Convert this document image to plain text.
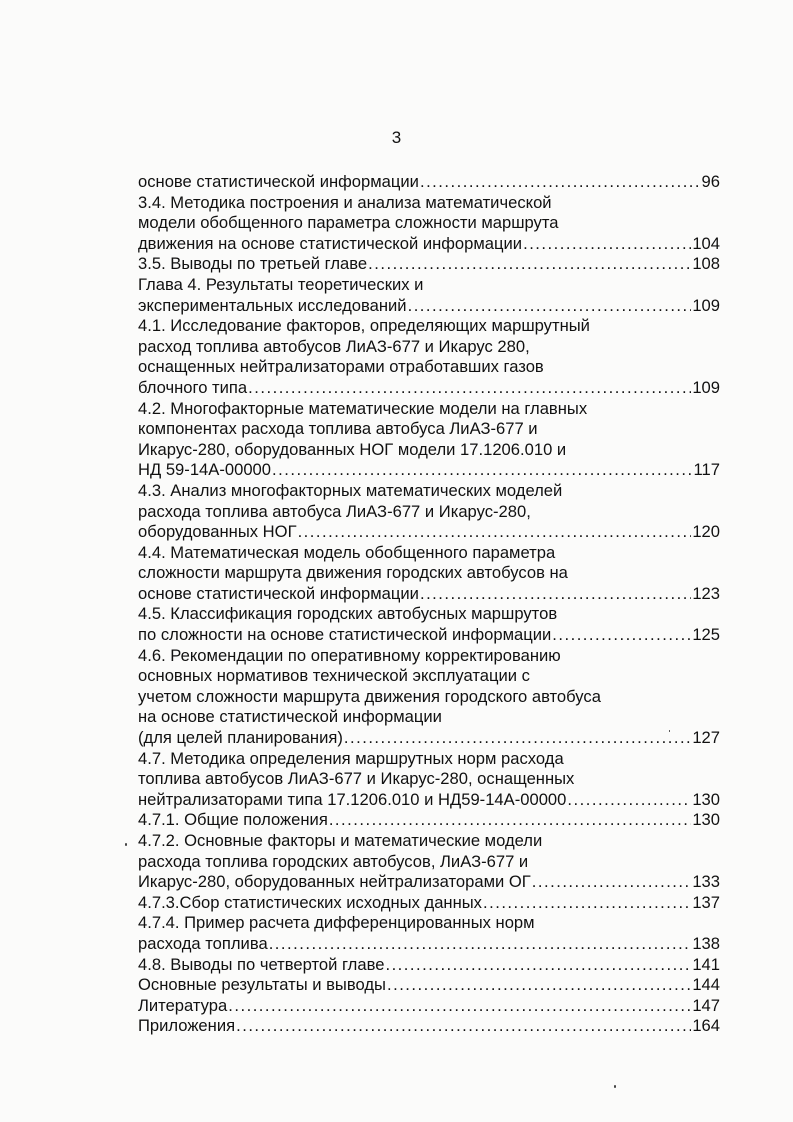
3
основе статистической информации .....	96
3.4. Методика построения и анализа математической
модели обобщенного параметра сложности маршрута
движения на основе статистической информации .....	104
3.5. Выводы по третьей главе .....	108
Глава 4. Результаты теоретических и
экспериментальных исследований .....	109
4.1. Исследование факторов, определяющих маршрутный
расход топлива автобусов ЛиАЗ-677 и Икарус 280,
оснащенных нейтрализаторами отработавших газов
блочного типа .....	109
4.2. Многофакторные математические модели на главных
компонентах расхода топлива автобуса ЛиАЗ-677 и
Икарус-280, оборудованных НОГ модели 17.1206.010 и
НД 59-14А-00000 .....	117
4.3. Анализ многофакторных математических моделей
расхода топлива автобуса ЛиАЗ-677 и Икарус-280,
оборудованных НОГ .....	120
4.4. Математическая модель обобщенного параметра
сложности маршрута движения городских автобусов на
основе статистической информации .....	123
4.5. Классификация городских автобусных маршрутов
по сложности на основе статистической информации .....	125
4.6. Рекомендации по оперативному корректированию
основных нормативов технической эксплуатации с
учетом сложности маршрута движения городского автобуса
на основе статистической информации
(для целей планирования) .....	127
4.7. Методика определения маршрутных норм расхода
топлива автобусов ЛиАЗ-677 и Икарус-280, оснащенных
нейтрализаторами типа 17.1206.010 и НД59-14А-00000 .....	130
4.7.1. Общие положения .....	130
4.7.2. Основные факторы и математические модели
расхода топлива городских автобусов, ЛиАЗ-677 и
Икарус-280, оборудованных нейтрализаторами ОГ .....	133
4.7.3.Сбор статистических исходных данных .....	137
4.7.4. Пример расчета дифференцированных норм
расхода топлива .....	138
4.8. Выводы по четвертой главе .....	141
Основные результаты и выводы .....	144
Литература .....	147
Приложения .....	164
